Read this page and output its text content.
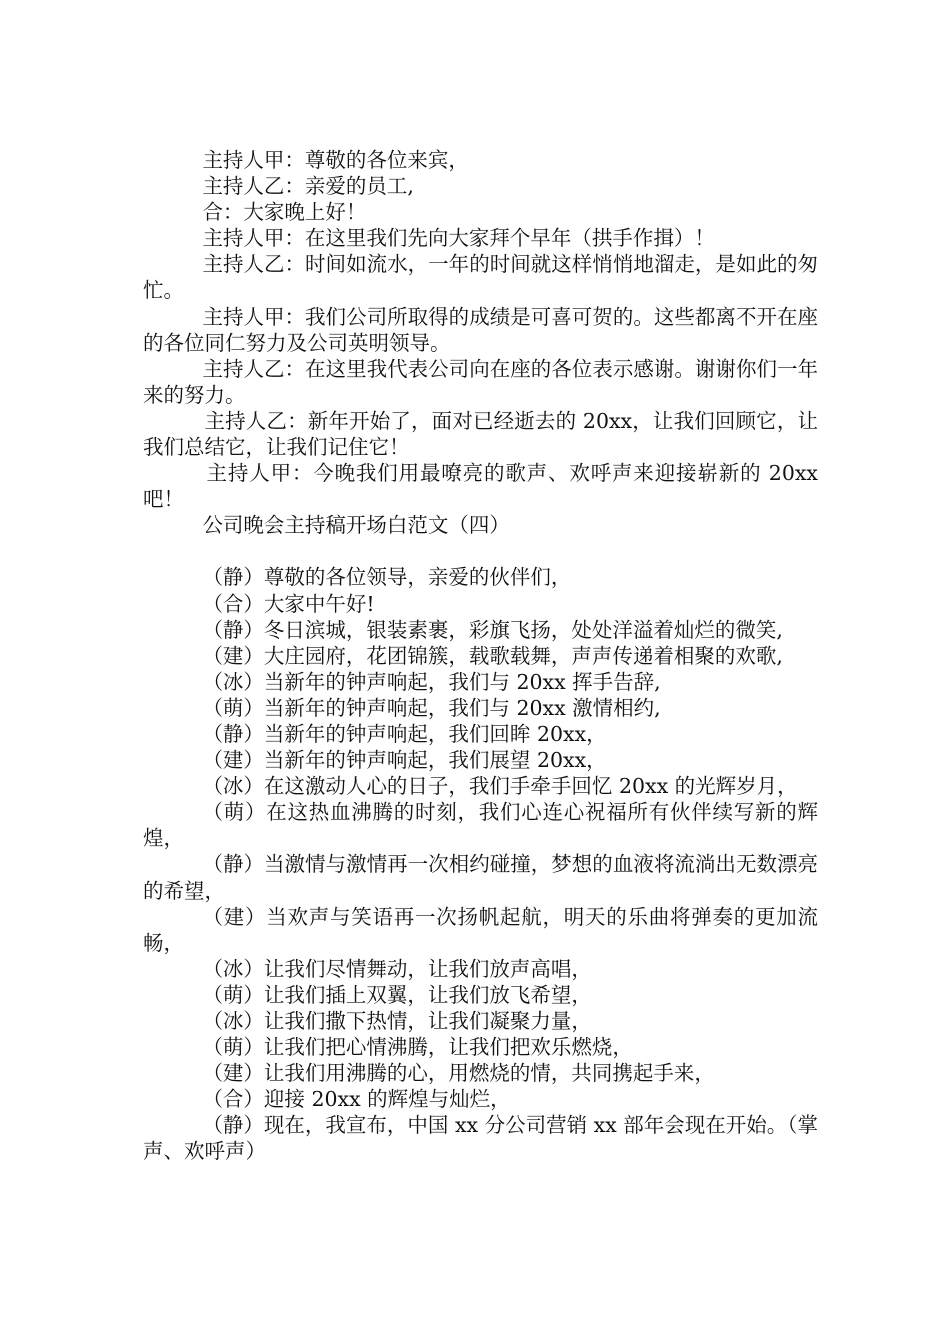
主持人甲：尊敬的各位来宾，

主持人乙：亲爱的员工,

合：大家晚上好！

主持人甲：在这里我们先向大家拜个早年（拱手作揖）！

主持人乙：时间如流水，一年的时间就这样悄悄地溜走，是如此的匆忙。

主持人甲：我们公司所取得的成绩是可喜可贺的。这些都离不开在座的各位同仁努力及公司英明领导。

主持人乙：在这里我代表公司向在座的各位表示感谢。谢谢你们一年来的努力。

主持人乙：新年开始了，面对已经逝去的 20xx，让我们回顾它，让我们总结它，让我们记住它！

主持人甲：今晚我们用最嘹亮的歌声、欢呼声来迎接崭新的 20xx 吧！

公司晚会主持稿开场白范文（四）

（静）尊敬的各位领导，亲爱的伙伴们，

（合）大家中午好!

（静）冬日滨城，银装素裹，彩旗飞扬，处处洋溢着灿烂的微笑,

（建）大庄园府，花团锦簇，载歌载舞，声声传递着相聚的欢歌,

（冰）当新年的钟声响起，我们与 20xx 挥手告辞,

（萌）当新年的钟声响起，我们与 20xx 激情相约,

（静）当新年的钟声响起，我们回眸 20xx，

（建）当新年的钟声响起，我们展望 20xx，

（冰）在这激动人心的日子，我们手牵手回忆 20xx 的光辉岁月，

（萌）在这热血沸腾的时刻，我们心连心祝福所有伙伴续写新的辉煌，

（静）当激情与激情再一次相约碰撞，梦想的血液将流淌出无数漂亮的希望，

（建）当欢声与笑语再一次扬帆起航，明天的乐曲将弹奏的更加流畅，

（冰）让我们尽情舞动，让我们放声高唱，

（萌）让我们插上双翼，让我们放飞希望，

（冰）让我们撒下热情，让我们凝聚力量，

（萌）让我们把心情沸腾，让我们把欢乐燃烧，

（建）让我们用沸腾的心，用燃烧的情，共同携起手来，

（合）迎接 20xx 的辉煌与灿烂，

（静）现在，我宣布，中国 xx 分公司营销 xx 部年会现在开始。（掌声、欢呼声）
